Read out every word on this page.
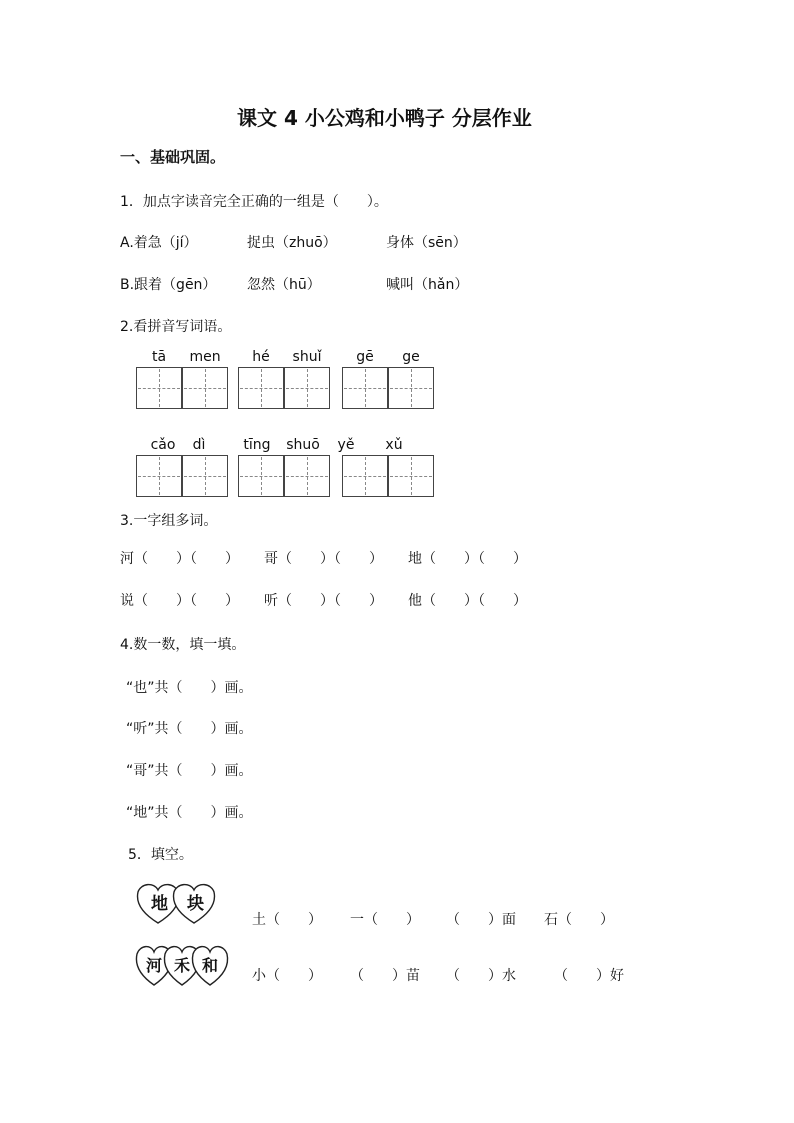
课文 4 小公鸡和小鸭子 分层作业
一、基础巩固。
1．加点字读音完全正确的一组是（　　）。
A.着急（jí）	捉虫（zhuō）	身体（sēn）
B.跟着（gēn） 忽然（hū）	喊叫（hǎn）
2.看拼音写词语。
tā	men	hé	shuǐ	gē	ge
cǎo	dì	tīng	shuō	yě	xǔ
3.一字组多词。
河（　　）（　　） 哥（　　）（　　） 地（　　）（　　）
说（　　）（　　） 听（　　）（　　） 他（　　）（　　）
4.数一数，填一填。
“也”共（　　）画。
“听”共（　　）画。
“哥”共（　　）画。
“地”共（　　）画。
5．填空。
地 块
河 禾 和
土（　　） 一（　　） （　　）面 石（　　）
小（　　） （　　）苗 （　　）水	（　　）好
